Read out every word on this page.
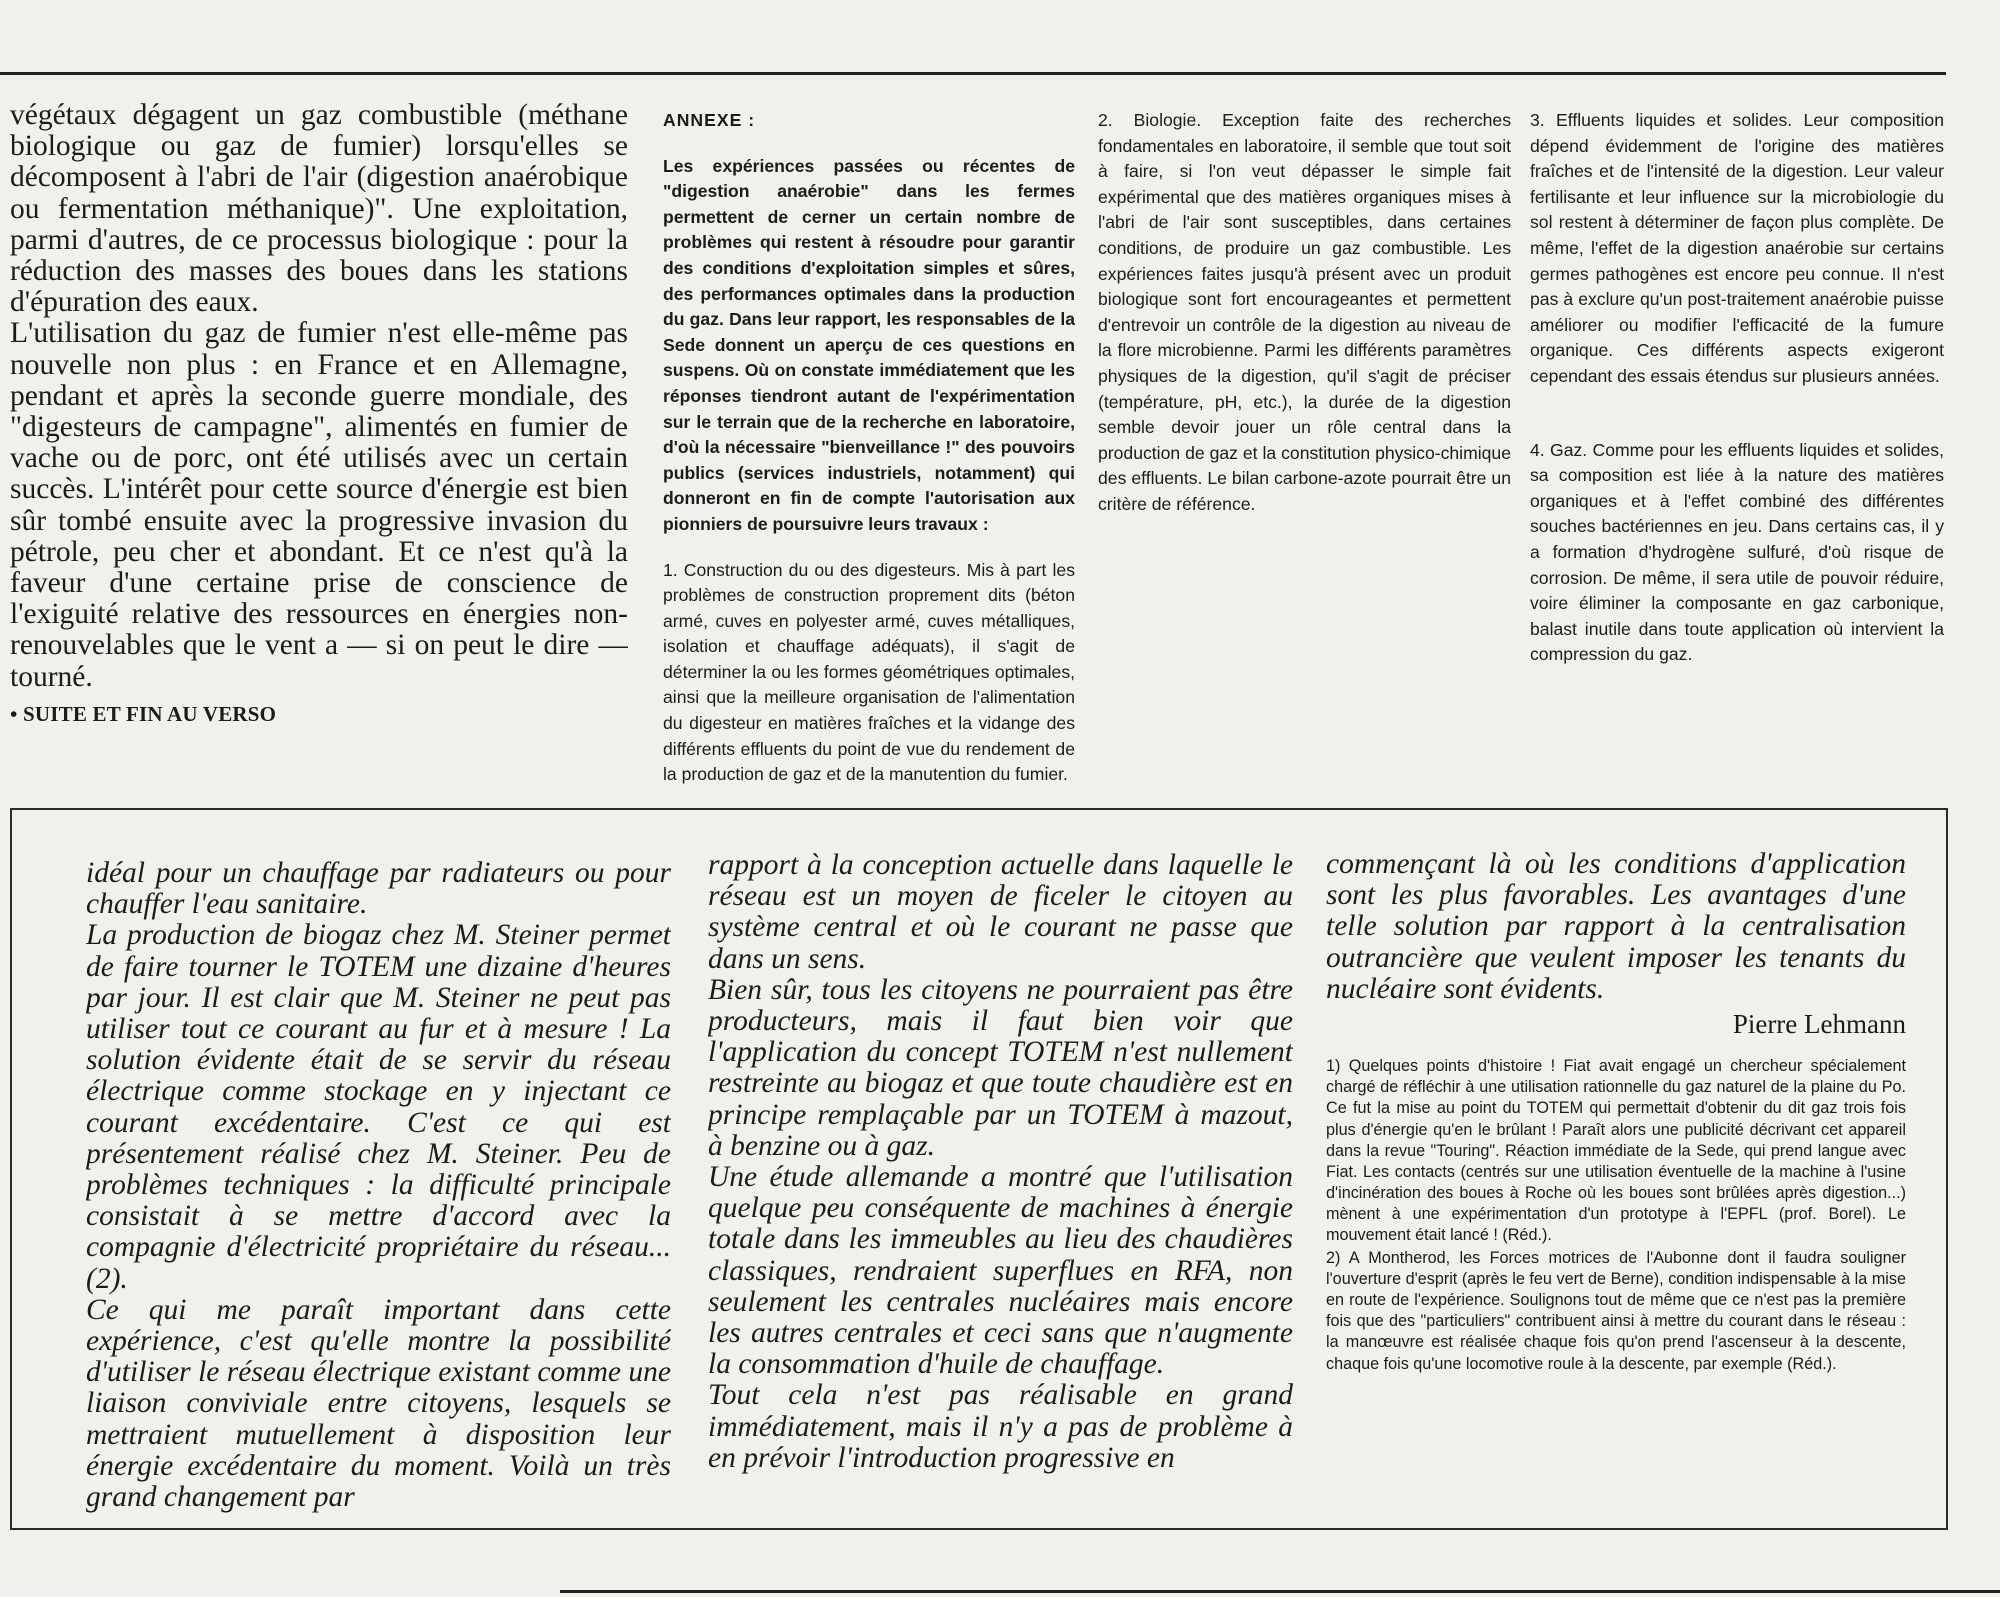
végétaux dégagent un gaz combustible (méthane biologique ou gaz de fumier) lorsqu'elles se décomposent à l'abri de l'air (digestion anaérobique ou fermentation méthanique)". Une exploitation, parmi d'autres, de ce processus biologique : pour la réduction des masses des boues dans les stations d'épuration des eaux.

L'utilisation du gaz de fumier n'est elle-même pas nouvelle non plus : en France et en Allemagne, pendant et après la seconde guerre mondiale, des "digesteurs de campagne", alimentés en fumier de vache ou de porc, ont été utilisés avec un certain succès. L'intérêt pour cette source d'énergie est bien sûr tombé ensuite avec la progressive invasion du pétrole, peu cher et abondant. Et ce n'est qu'à la faveur d'une certaine prise de conscience de l'exiguité relative des ressources en énergies non-renouvelables que le vent a — si on peut le dire — tourné.

• SUITE ET FIN AU VERSO

ANNEXE :

Les expériences passées ou récentes de "digestion anaérobie" dans les fermes permettent de cerner un certain nombre de problèmes qui restent à résoudre pour garantir des conditions d'exploitation simples et sûres, des performances optimales dans la production du gaz. Dans leur rapport, les responsables de la Sede donnent un aperçu de ces questions en suspens. Où on constate immédiatement que les réponses tiendront autant de l'expérimentation sur le terrain que de la recherche en laboratoire, d'où la nécessaire "bienveillance !" des pouvoirs publics (services industriels, notamment) qui donneront en fin de compte l'autorisation aux pionniers de poursuivre leurs travaux :

1. Construction du ou des digesteurs. Mis à part les problèmes de construction proprement dits (béton armé, cuves en polyester armé, cuves métalliques, isolation et chauffage adéquats), il s'agit de déterminer la ou les formes géométriques optimales, ainsi que la meilleure organisation de l'alimentation du digesteur en matières fraîches et la vidange des différents effluents du point de vue du rendement de la production de gaz et de la manutention du fumier.

2. Biologie. Exception faite des recherches fondamentales en laboratoire, il semble que tout soit à faire, si l'on veut dépasser le simple fait expérimental que des matières organiques mises à l'abri de l'air sont susceptibles, dans certaines conditions, de produire un gaz combustible. Les expériences faites jusqu'à présent avec un produit biologique sont fort encourageantes et permettent d'entrevoir un contrôle de la digestion au niveau de la flore microbienne. Parmi les différents paramètres physiques de la digestion, qu'il s'agit de préciser (température, pH, etc.), la durée de la digestion semble devoir jouer un rôle central dans la production de gaz et la constitution physico-chimique des effluents. Le bilan carbone-azote pourrait être un critère de référence.

3. Effluents liquides et solides. Leur composition dépend évidemment de l'origine des matières fraîches et de l'intensité de la digestion. Leur valeur fertilisante et leur influence sur la microbiologie du sol restent à déterminer de façon plus complète. De même, l'effet de la digestion anaérobie sur certains germes pathogènes est encore peu connue. Il n'est pas à exclure qu'un post-traitement anaérobie puisse améliorer ou modifier l'efficacité de la fumure organique. Ces différents aspects exigeront cependant des essais étendus sur plusieurs années.

4. Gaz. Comme pour les effluents liquides et solides, sa composition est liée à la nature des matières organiques et à l'effet combiné des différentes souches bactériennes en jeu. Dans certains cas, il y a formation d'hydrogène sulfuré, d'où risque de corrosion. De même, il sera utile de pouvoir réduire, voire éliminer la composante en gaz carbonique, balast inutile dans toute application où intervient la compression du gaz.

idéal pour un chauffage par radiateurs ou pour chauffer l'eau sanitaire.

La production de biogaz chez M. Steiner permet de faire tourner le TOTEM une dizaine d'heures par jour. Il est clair que M. Steiner ne peut pas utiliser tout ce courant au fur et à mesure ! La solution évidente était de se servir du réseau électrique comme stockage en y injectant ce courant excédentaire. C'est ce qui est présentement réalisé chez M. Steiner. Peu de problèmes techniques : la difficulté principale consistait à se mettre d'accord avec la compagnie d'électricité propriétaire du réseau...(2).

Ce qui me paraît important dans cette expérience, c'est qu'elle montre la possibilité d'utiliser le réseau électrique existant comme une liaison conviviale entre citoyens, lesquels se mettraient mutuellement à disposition leur énergie excédentaire du moment. Voilà un très grand changement par

rapport à la conception actuelle dans laquelle le réseau est un moyen de ficeler le citoyen au système central et où le courant ne passe que dans un sens.

Bien sûr, tous les citoyens ne pourraient pas être producteurs, mais il faut bien voir que l'application du concept TOTEM n'est nullement restreinte au biogaz et que toute chaudière est en principe remplaçable par un TOTEM à mazout, à benzine ou à gaz.

Une étude allemande a montré que l'utilisation quelque peu conséquente de machines à énergie totale dans les immeubles au lieu des chaudières classiques, rendraient superflues en RFA, non seulement les centrales nucléaires mais encore les autres centrales et ceci sans que n'augmente la consommation d'huile de chauffage.

Tout cela n'est pas réalisable en grand immédiatement, mais il n'y a pas de problème à en prévoir l'introduction progressive en

commençant là où les conditions d'application sont les plus favorables. Les avantages d'une telle solution par rapport à la centralisation outrancière que veulent imposer les tenants du nucléaire sont évidents.

Pierre Lehmann

1) Quelques points d'histoire ! Fiat avait engagé un chercheur spécialement chargé de réfléchir à une utilisation rationnelle du gaz naturel de la plaine du Po. Ce fut la mise au point du TOTEM qui permettait d'obtenir du dit gaz trois fois plus d'énergie qu'en le brûlant ! Paraît alors une publicité décrivant cet appareil dans la revue "Touring". Réaction immédiate de la Sede, qui prend langue avec Fiat. Les contacts (centrés sur une utilisation éventuelle de la machine à l'usine d'incinération des boues à Roche où les boues sont brûlées après digestion...) mènent à une expérimentation d'un prototype à l'EPFL (prof. Borel). Le mouvement était lancé ! (Réd.).

2) A Montherod, les Forces motrices de l'Aubonne dont il faudra souligner l'ouverture d'esprit (après le feu vert de Berne), condition indispensable à la mise en route de l'expérience. Soulignons tout de même que ce n'est pas la première fois que des "particuliers" contribuent ainsi à mettre du courant dans le réseau : la manœuvre est réalisée chaque fois qu'on prend l'ascenseur à la descente, chaque fois qu'une locomotive roule à la descente, par exemple (Réd.).
